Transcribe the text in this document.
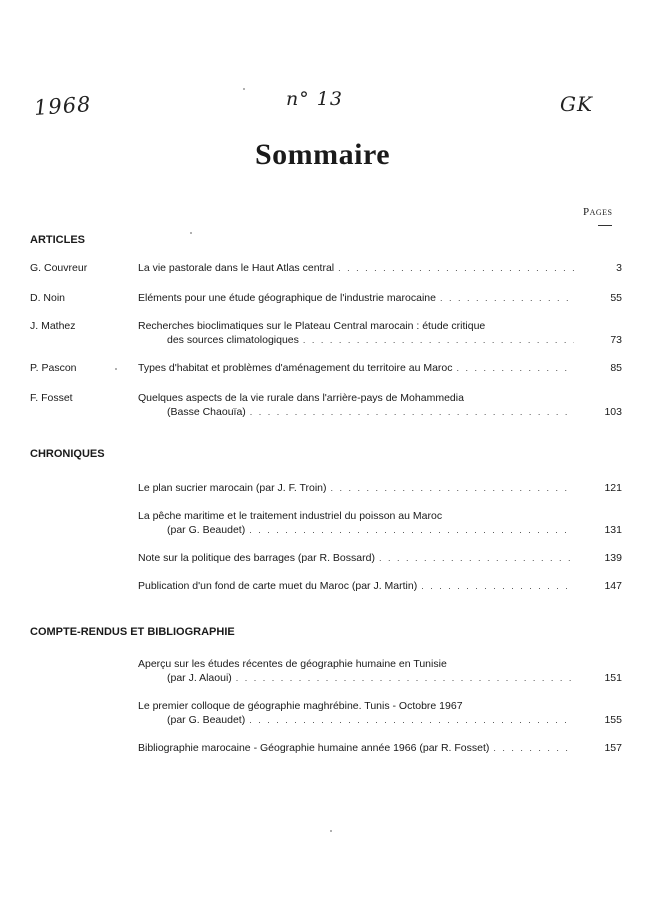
1968	n° 13	GK
Sommaire
Pages
ARTICLES
G. Couvreur	La vie pastorale dans le Haut Atlas central . . .	3
D. Noin	Eléments pour une étude géographique de l'industrie marocaine . . .	55
J. Mathez	Recherches bioclimatiques sur le Plateau Central marocain : étude critique
des sources climatologiques . . .	73
P. Pascon	Types d'habitat et problèmes d'aménagement du territoire au Maroc . . .	85
F. Fosset	Quelques aspects de la vie rurale dans l'arrière-pays de Mohammedia
(Basse Chaouïa) . . .	103
CHRONIQUES
Le plan sucrier marocain (par J. F. Troin) . . .	121
La pêche maritime et le traitement industriel du poisson au Maroc
(par G. Beaudet) . . .	131
Note sur la politique des barrages (par R. Bossard) . . .	139
Publication d'un fond de carte muet du Maroc (par J. Martin) . . .	147
COMPTE-RENDUS ET BIBLIOGRAPHIE
Aperçu sur les études récentes de géographie humaine en Tunisie
(par J. Alaoui) . . .	151
Le premier colloque de géographie maghrébine. Tunis - Octobre 1967
(par G. Beaudet) . . .	155
Bibliographie marocaine - Géographie humaine année 1966 (par R. Fosset) . . .	157
